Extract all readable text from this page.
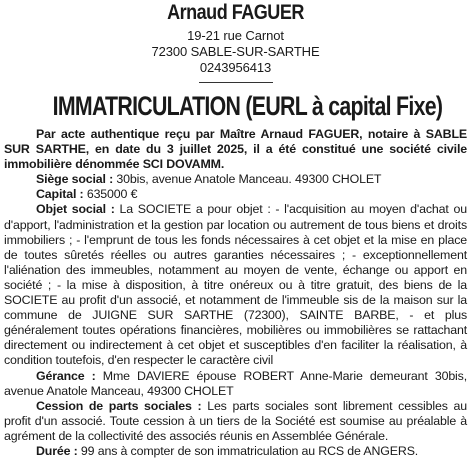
Arnaud FAGUER
19-21 rue Carnot
72300 SABLE-SUR-SARTHE
0243956413
IMMATRICULATION (EURL à capital Fixe)

Par acte authentique reçu par Maître Arnaud FAGUER, notaire à SABLE SUR SARTHE, en date du 3 juillet 2025, il a été constitué une société civile immobilière dénommée SCI DOVAMM.

Siège social : 30bis, avenue Anatole Manceau. 49300 CHOLET

Capital : 635000 €

Objet social : La SOCIETE a pour objet : - l'acquisition au moyen d'achat ou d'apport, l'administration et la gestion par location ou autrement de tous biens et droits immobiliers ; - l'emprunt de tous les fonds nécessaires à cet objet et la mise en place de toutes sûretés réelles ou autres garanties nécessaires ; - exceptionnellement l'aliénation des immeubles, notamment au moyen de vente, échange ou apport en société ; - la mise à disposition, à titre onéreux ou à titre gratuit, des biens de la SOCIETE au profit d'un associé, et notamment de l'immeuble sis de la maison sur la commune de JUIGNE SUR SARTHE (72300), SAINTE BARBE, - et plus généralement toutes opérations financières, mobilières ou immobilières se rattachant directement ou indirectement à cet objet et susceptibles d'en faciliter la réalisation, à condition toutefois, d'en respecter le caractère civil

Gérance : Mme DAVIERE épouse ROBERT Anne-Marie demeurant 30bis, avenue Anatole Manceau, 49300 CHOLET

Cession de parts sociales : Les parts sociales sont librement cessibles au profit d'un associé. Toute cession à un tiers de la Société est soumise au préalable à agrément de la collectivité des associés réunis en Assemblée Générale.

Durée : 99 ans à compter de son immatriculation au RCS de ANGERS.
